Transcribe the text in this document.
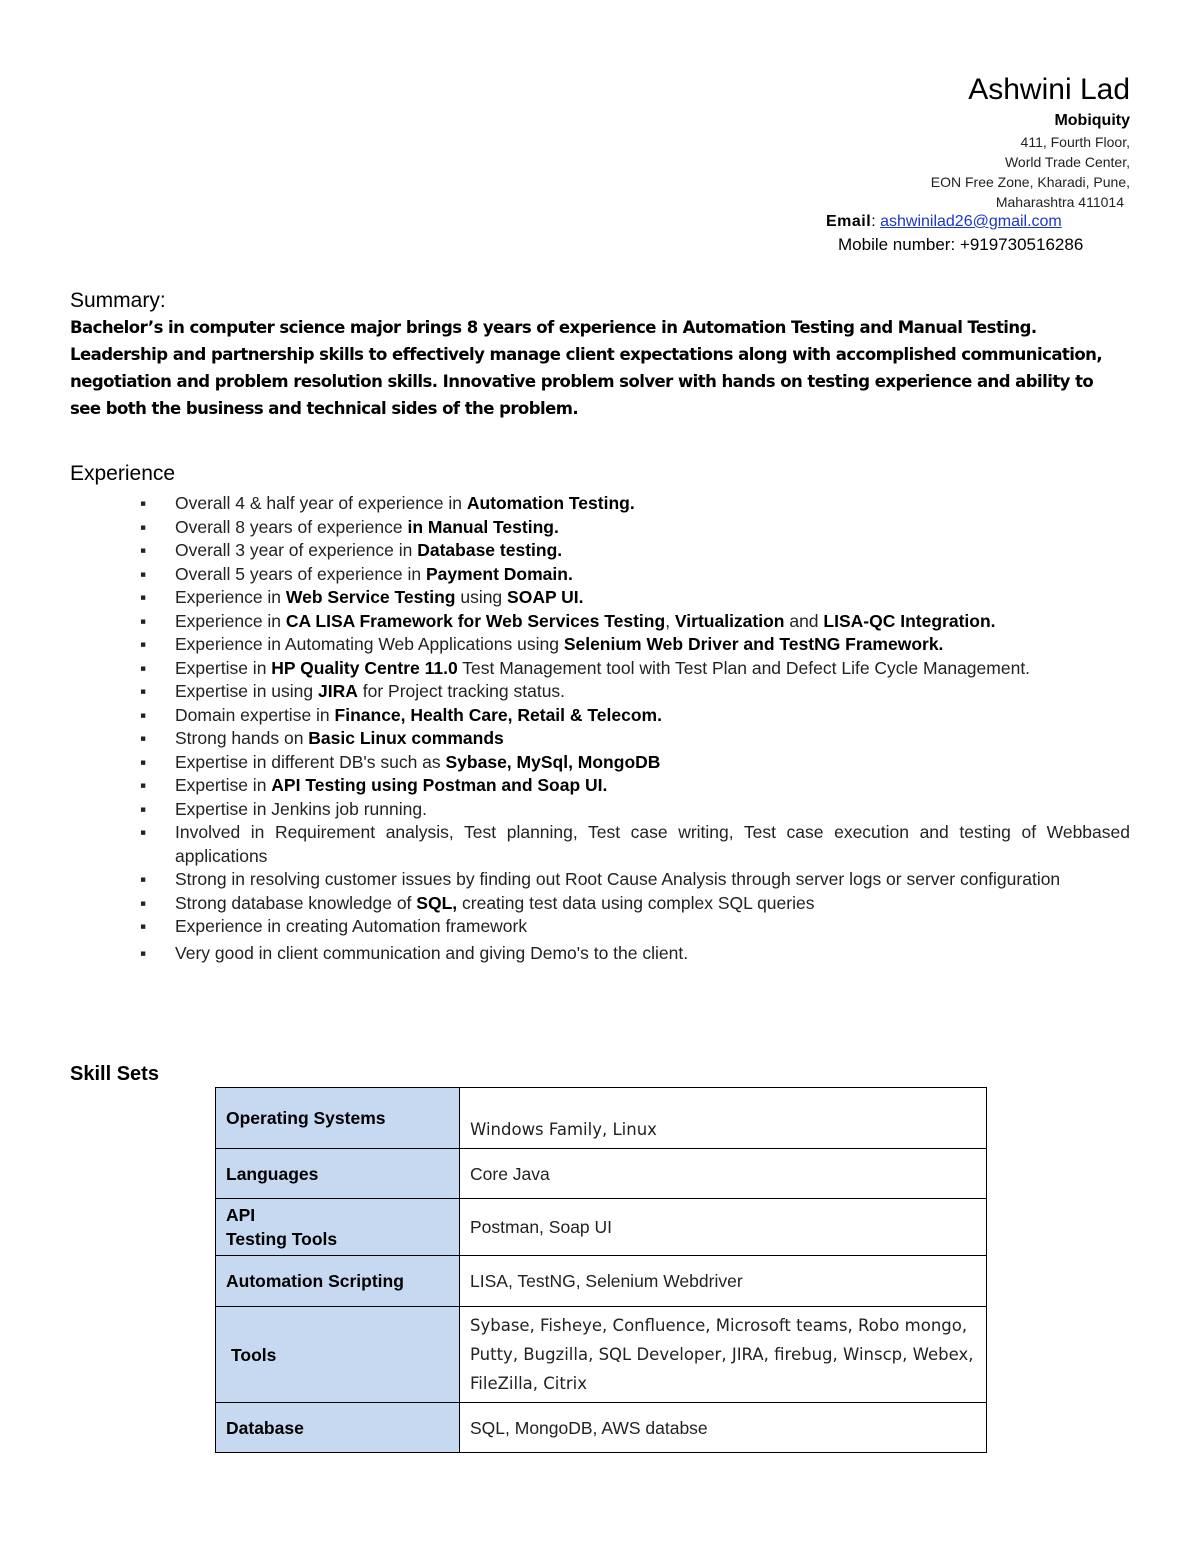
Ashwini Lad
Mobiquity
411, Fourth Floor,
World Trade Center,
EON Free Zone, Kharadi, Pune,
Maharashtra 411014
Email: ashwinilad26@gmail.com
Mobile number: +919730516286
Summary:
Bachelor’s in computer science major brings 8 years of experience in Automation Testing and Manual Testing.
Leadership and partnership skills to effectively manage client expectations along with accomplished communication,
negotiation and problem resolution skills. Innovative problem solver with hands on testing experience and ability to
see both the business and technical sides of the problem.
Experience
▪ Overall 4 & half year of experience in Automation Testing.
▪ Overall 8 years of experience in Manual Testing.
▪ Overall 3 year of experience in Database testing.
▪ Overall 5 years of experience in Payment Domain.
▪ Experience in Web Service Testing using SOAP UI.
▪ Experience in CA LISA Framework for Web Services Testing, Virtualization and LISA-QC Integration.
▪ Experience in Automating Web Applications using Selenium Web Driver and TestNG Framework.
▪ Expertise in HP Quality Centre 11.0 Test Management tool with Test Plan and Defect Life Cycle Management.
▪ Expertise in using JIRA for Project tracking status.
▪ Domain expertise in Finance, Health Care, Retail & Telecom.
▪ Strong hands on Basic Linux commands
▪ Expertise in different DB's such as Sybase, MySql, MongoDB
▪ Expertise in API Testing using Postman and Soap UI.
▪ Expertise in Jenkins job running.
▪ Involved in Requirement analysis, Test planning, Test case writing, Test case execution and testing of Webbased applications
▪ Strong in resolving customer issues by finding out Root Cause Analysis through server logs or server configuration
▪ Strong database knowledge of SQL, creating test data using complex SQL queries
▪ Experience in creating Automation framework
▪ Very good in client communication and giving Demo's to the client.
Skill Sets
Operating Systems	Windows Family, Linux
Languages	Core Java
API
Testing Tools	Postman, Soap UI
Automation Scripting	LISA, TestNG, Selenium Webdriver
Tools	Sybase, Fisheye, Confluence, Microsoft teams, Robo mongo, Putty, Bugzilla, SQL Developer, JIRA, firebug, Winscp, Webex, FileZilla, Citrix
Database	SQL, MongoDB, AWS databse
